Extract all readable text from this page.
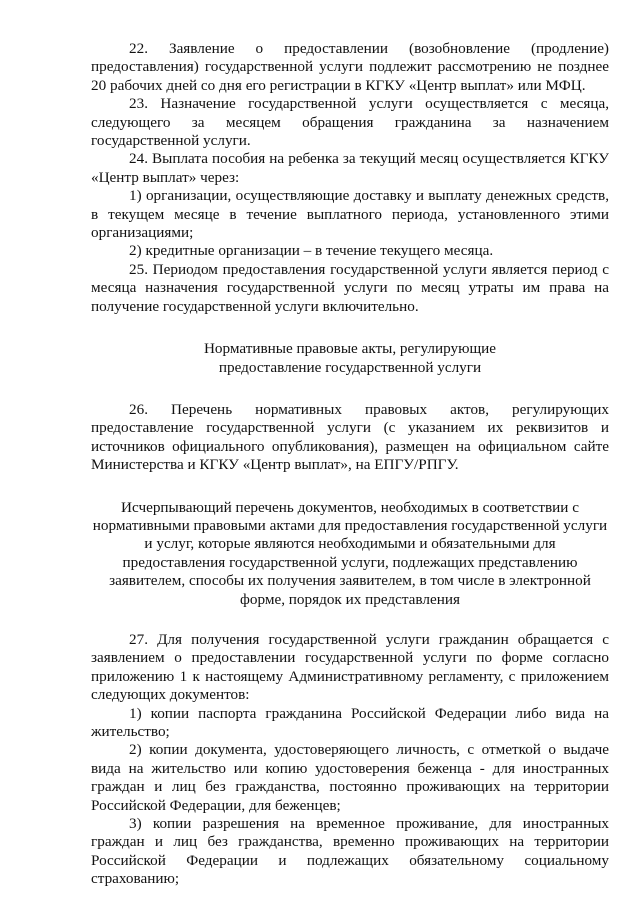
22. Заявление о предоставлении (возобновление (продление) предоставления) государственной услуги подлежит рассмотрению не позднее 20 рабочих дней со дня его регистрации в КГКУ «Центр выплат» или МФЦ.

23. Назначение государственной услуги осуществляется с месяца, следующего за месяцем обращения гражданина за назначением государственной услуги.

24. Выплата пособия на ребенка за текущий месяц осуществляется КГКУ «Центр выплат» через:

1) организации, осуществляющие доставку и выплату денежных средств, в текущем месяце в течение выплатного периода, установленного этими организациями;

2) кредитные организации – в течение текущего месяца.

25. Периодом предоставления государственной услуги является период с месяца назначения государственной услуги по месяц утраты им права на получение государственной услуги включительно.

Нормативные правовые акты, регулирующие
предоставление государственной услуги

26. Перечень нормативных правовых актов, регулирующих предоставление государственной услуги (с указанием их реквизитов и источников официального опубликования), размещен на официальном сайте Министерства и КГКУ «Центр выплат», на ЕПГУ/РПГУ.

Исчерпывающий перечень документов, необходимых в соответствии с
нормативными правовыми актами для предоставления государственной услуги
и услуг, которые являются необходимыми и обязательными для
предоставления государственной услуги, подлежащих представлению
заявителем, способы их получения заявителем, в том числе в электронной
форме, порядок их представления

27. Для получения государственной услуги гражданин обращается с заявлением о предоставлении государственной услуги по форме согласно приложению 1 к настоящему Административному регламенту, с приложением следующих документов:

1) копии паспорта гражданина Российской Федерации либо вида на жительство;

2) копии документа, удостоверяющего личность, с отметкой о выдаче вида на жительство или копию удостоверения беженца - для иностранных граждан и лиц без гражданства, постоянно проживающих на территории Российской Федерации, для беженцев;

3) копии разрешения на временное проживание, для иностранных граждан и лиц без гражданства, временно проживающих на территории Российской Федерации и подлежащих обязательному социальному страхованию;
